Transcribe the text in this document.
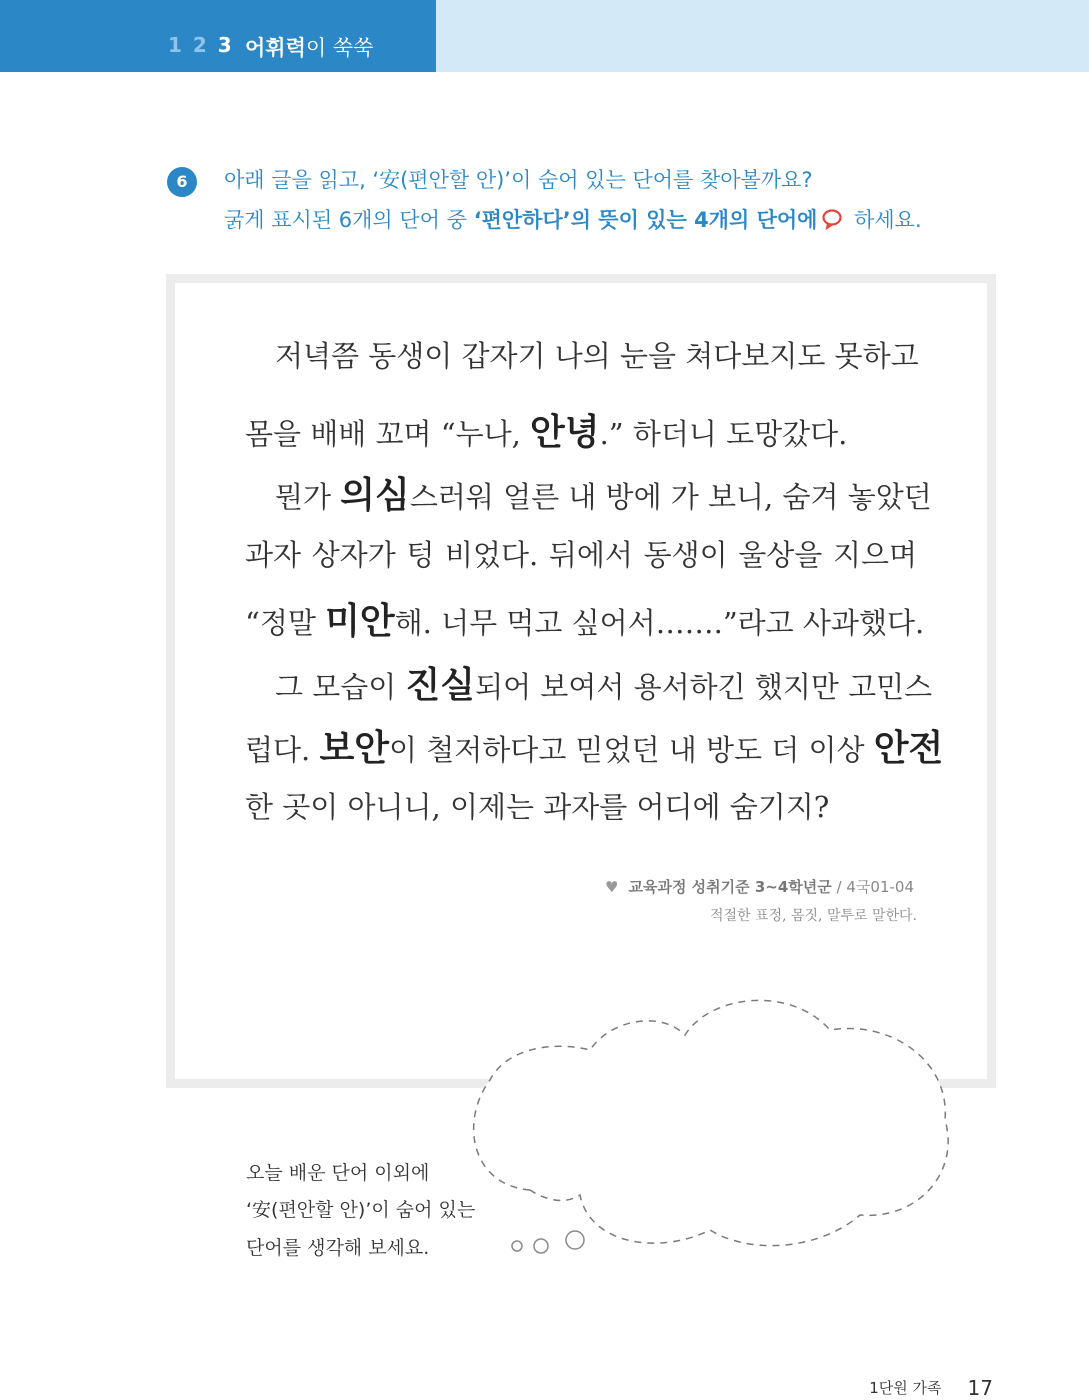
1 2 3 어휘력이 쑥쑥
6	아래 글을 읽고, ‘安(편안할 안)’이 숨어 있는 단어를 찾아볼까요?
굵게 표시된 6개의 단어 중 ‘편안하다’의 뜻이 있는 4개의 단어에 하세요.
저녁쯤 동생이 갑자기 나의 눈을 쳐다보지도 못하고
몸을 배배 꼬며 “누나, 안녕.” 하더니 도망갔다.
뭔가 의심스러워 얼른 내 방에 가 보니, 숨겨 놓았던
과자 상자가 텅 비었다. 뒤에서 동생이 울상을 지으며
“정말 미안해. 너무 먹고 싶어서…….”라고 사과했다.
그 모습이 진실되어 보여서 용서하긴 했지만 고민스
럽다. 보안이 철저하다고 믿었던 내 방도 더 이상 안전
한 곳이 아니니, 이제는 과자를 어디에 숨기지?
♥ 교육과정 성취기준 3~4학년군 / 4국01-04
적절한 표정, 몸짓, 말투로 말한다.
오늘 배운 단어 이외에
‘安(편안할 안)’이 숨어 있는
단어를 생각해 보세요.
1단원 가족 17
